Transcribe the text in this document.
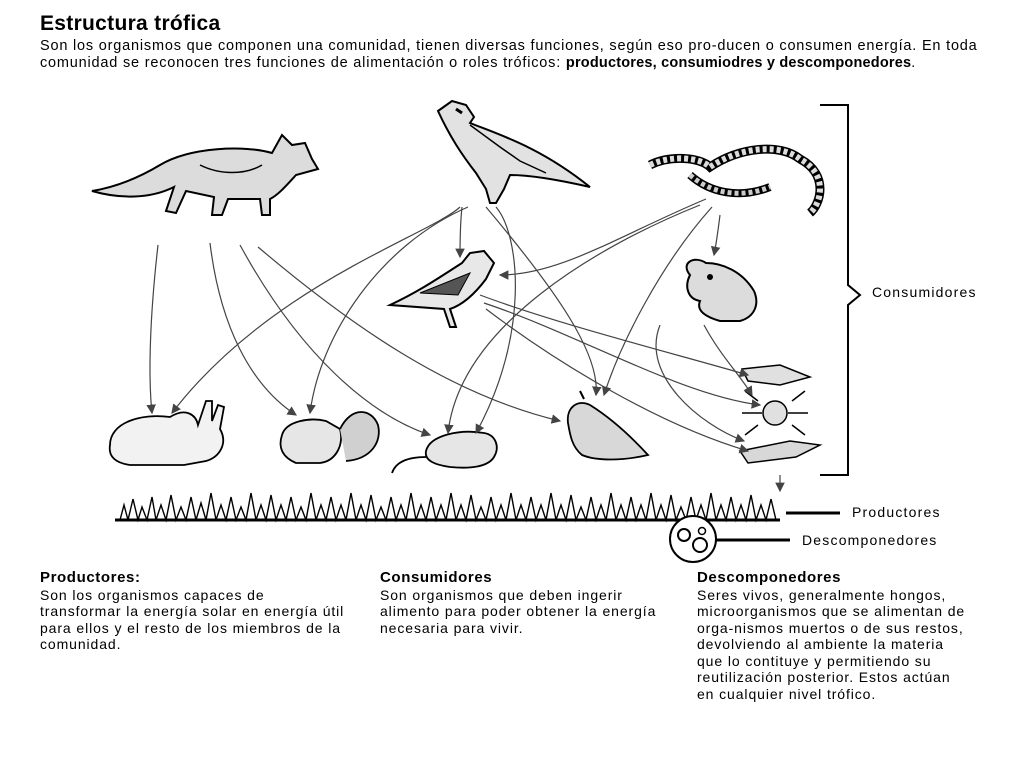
Estructura trófica
Son los organismos que componen una comunidad, tienen diversas funciones, según eso pro-ducen o consumen energía. En toda comunidad se reconocen tres funciones de alimentación o roles tróficos: productores, consumiodres y descomponedores.
Consumidores
Productores
Descomponedores
Productores:

Son los organismos capaces de transformar la energía solar en energía útil para ellos y el resto de los miembros de la comunidad.

Consumidores

Son organismos que deben ingerir alimento para poder obtener la energía necesaria para vivir.

Descomponedores

Seres vivos, generalmente hongos, microorganismos que se alimentan de orga-nismos muertos o de sus restos, devolviendo al ambiente la materia que lo contituye y permitiendo su reutilización posterior. Estos actúan en cualquier nivel trófico.
